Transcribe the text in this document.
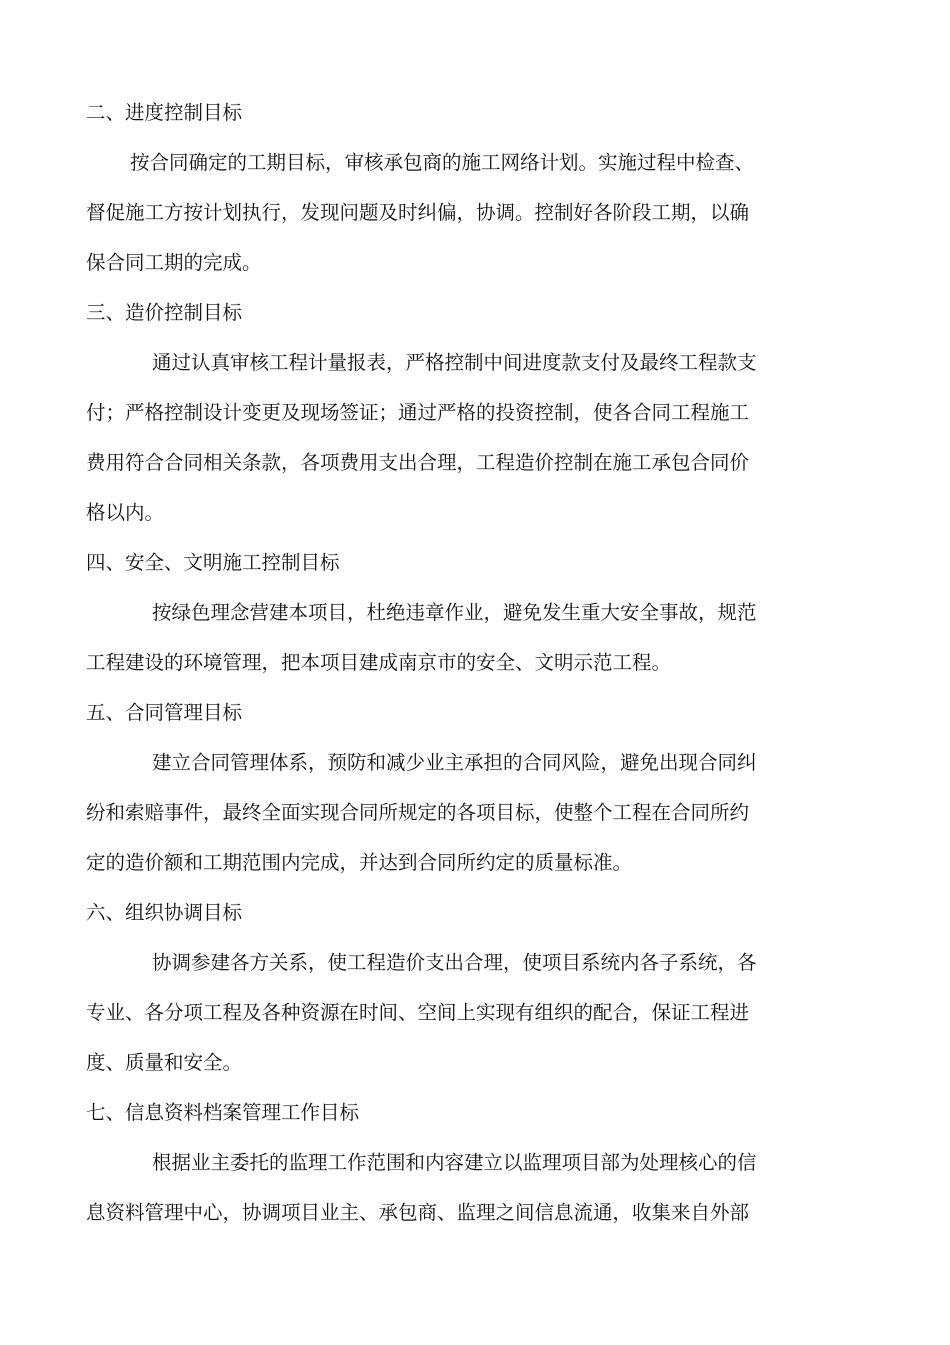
二、进度控制目标
按合同确定的工期目标，审核承包商的施工网络计划。实施过程中检查、
督促施工方按计划执行，发现问题及时纠偏，协调。控制好各阶段工期，以确
保合同工期的完成。
三、造价控制目标
通过认真审核工程计量报表，严格控制中间进度款支付及最终工程款支
付；严格控制设计变更及现场签证；通过严格的投资控制，使各合同工程施工
费用符合合同相关条款，各项费用支出合理，工程造价控制在施工承包合同价
格以内。
四、安全、文明施工控制目标
按绿色理念营建本项目，杜绝违章作业，避免发生重大安全事故，规范
工程建设的环境管理，把本项目建成南京市的安全、文明示范工程。
五、合同管理目标
建立合同管理体系，预防和减少业主承担的合同风险，避免出现合同纠
纷和索赔事件，最终全面实现合同所规定的各项目标，使整个工程在合同所约
定的造价额和工期范围内完成，并达到合同所约定的质量标准。
六、组织协调目标
协调参建各方关系，使工程造价支出合理，使项目系统内各子系统，各
专业、各分项工程及各种资源在时间、空间上实现有组织的配合，保证工程进
度、质量和安全。
七、信息资料档案管理工作目标
根据业主委托的监理工作范围和内容建立以监理项目部为处理核心的信
息资料管理中心，协调项目业主、承包商、监理之间信息流通，收集来自外部
